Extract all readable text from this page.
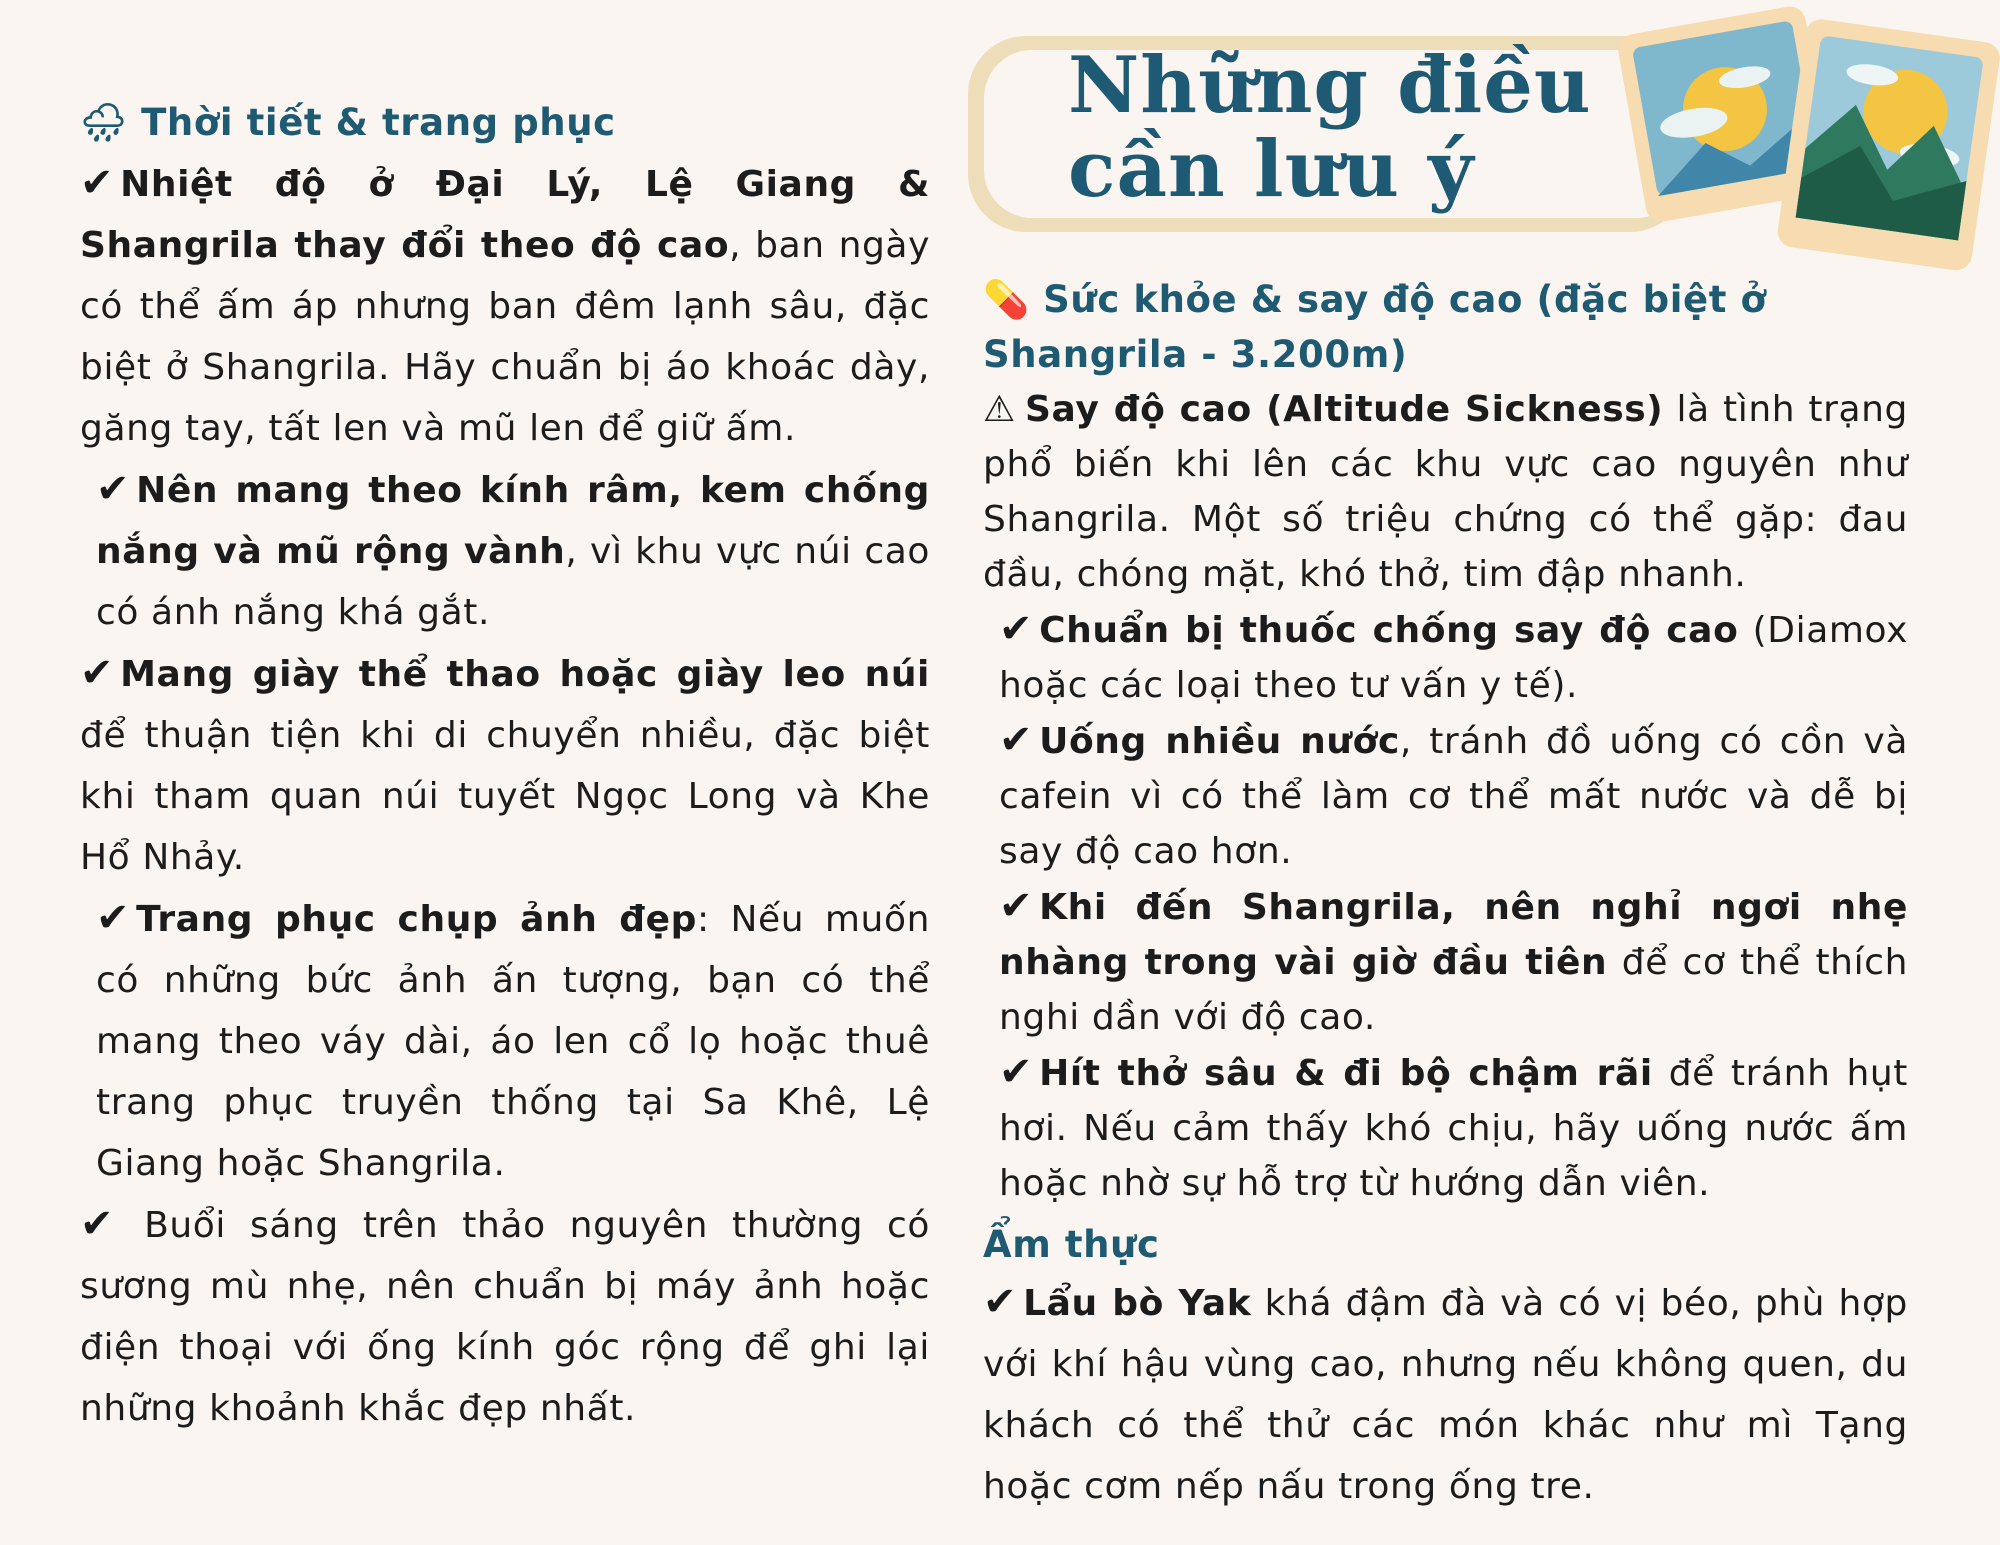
Những điều
cần lưu ý
🌧 Thời tiết & trang phục

✔ Nhiệt độ ở Đại Lý, Lệ Giang & Shangrila thay đổi theo độ cao, ban ngày có thể ấm áp nhưng ban đêm lạnh sâu, đặc biệt ở Shangrila. Hãy chuẩn bị áo khoác dày, găng tay, tất len và mũ len để giữ ấm.

✔ Nên mang theo kính râm, kem chống nắng và mũ rộng vành, vì khu vực núi cao có ánh nắng khá gắt.

✔ Mang giày thể thao hoặc giày leo núi để thuận tiện khi di chuyển nhiều, đặc biệt khi tham quan núi tuyết Ngọc Long và Khe Hổ Nhảy.

✔ Trang phục chụp ảnh đẹp: Nếu muốn có những bức ảnh ấn tượng, bạn có thể mang theo váy dài, áo len cổ lọ hoặc thuê trang phục truyền thống tại Sa Khê, Lệ Giang hoặc Shangrila.

✔ Buổi sáng trên thảo nguyên thường có sương mù nhẹ, nên chuẩn bị máy ảnh hoặc điện thoại với ống kính góc rộng để ghi lại những khoảnh khắc đẹp nhất.

💊 Sức khỏe & say độ cao (đặc biệt ở Shangrila - 3.200m)

⚠ Say độ cao (Altitude Sickness) là tình trạng phổ biến khi lên các khu vực cao nguyên như Shangrila. Một số triệu chứng có thể gặp: đau đầu, chóng mặt, khó thở, tim đập nhanh.

✔ Chuẩn bị thuốc chống say độ cao (Diamox hoặc các loại theo tư vấn y tế).

✔ Uống nhiều nước, tránh đồ uống có cồn và cafein vì có thể làm cơ thể mất nước và dễ bị say độ cao hơn.

✔ Khi đến Shangrila, nên nghỉ ngơi nhẹ nhàng trong vài giờ đầu tiên để cơ thể thích nghi dần với độ cao.

✔ Hít thở sâu & đi bộ chậm rãi để tránh hụt hơi. Nếu cảm thấy khó chịu, hãy uống nước ấm hoặc nhờ sự hỗ trợ từ hướng dẫn viên.

Ẩm thực

✔ Lẩu bò Yak khá đậm đà và có vị béo, phù hợp với khí hậu vùng cao, nhưng nếu không quen, du khách có thể thử các món khác như mì Tạng hoặc cơm nếp nấu trong ống tre.
